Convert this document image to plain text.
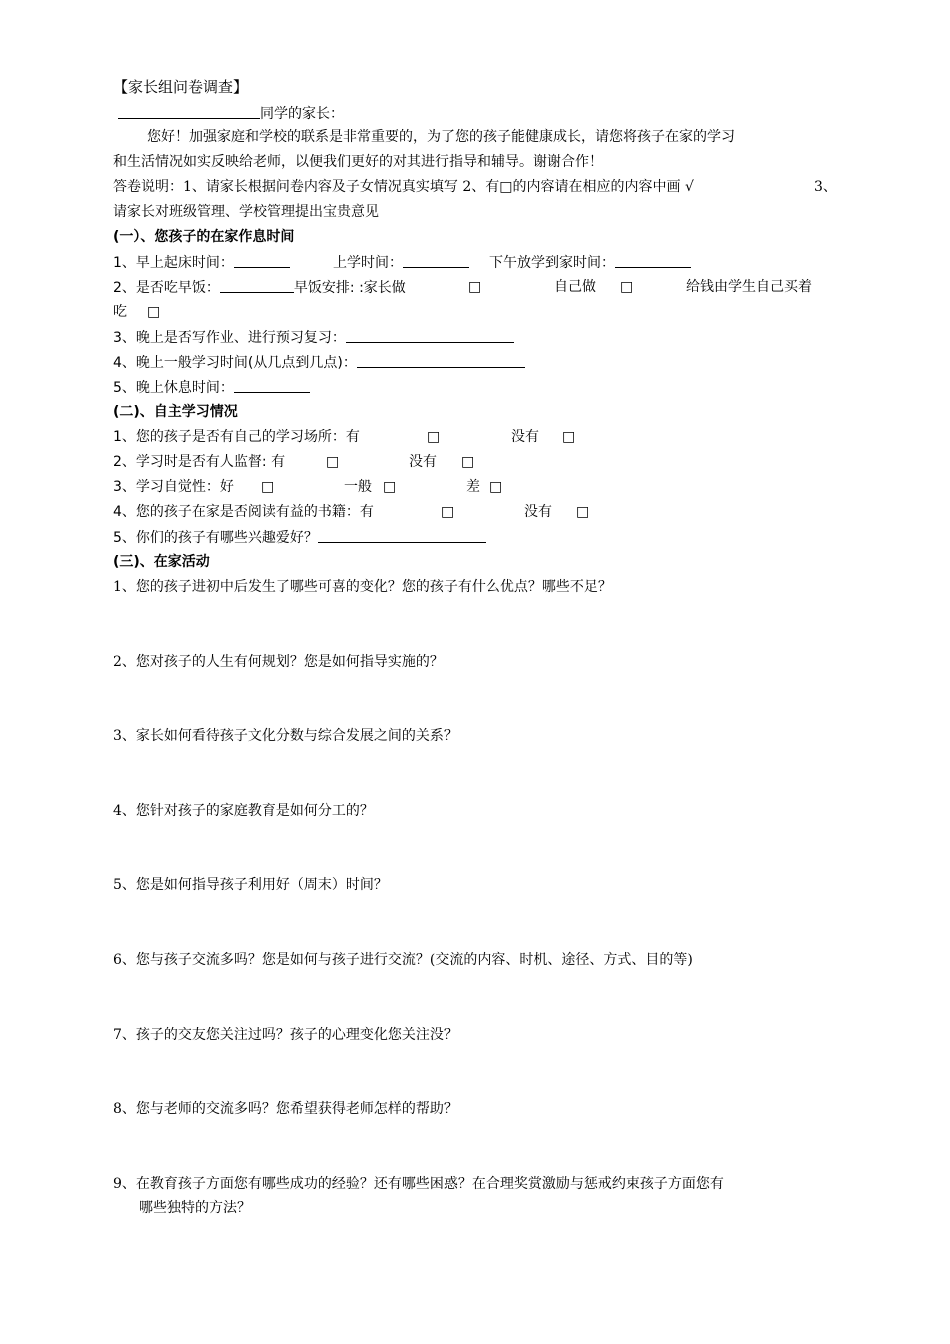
【家长组问卷调查】
同学的家长：
您好！加强家庭和学校的联系是非常重要的，为了您的孩子能健康成长，请您将孩子在家的学习
和生活情况如实反映给老师，以便我们更好的对其进行指导和辅导。谢谢合作！
答卷说明：1、请家长根据问卷内容及子女情况真实填写 2、有□的内容请在相应的内容中画 √	3、
请家长对班级管理、学校管理提出宝贵意见
(一）、您孩子的在家作息时间
1、早上起床时间：	上学时间：	下午放学到家时间：
2、是否吃早饭：	早饭安排: :家长做	□	自己做 □	给钱由学生自己买着
吃 □
3、晚上是否写作业、进行预习复习：
4、晚上一般学习时间(从几点到几点)：
5、晚上休息时间：
(二)、自主学习情况
1、您的孩子是否有自己的学习场所：有	□	没有 □
2、学习时是否有人监督: 有	□	没有 □
3、学习自觉性：好 □	一般 □	差 □
4、您的孩子在家是否阅读有益的书籍：有	□	没有 □
5、你们的孩子有哪些兴趣爱好？
(三)、在家活动
1、您的孩子进初中后发生了哪些可喜的变化？您的孩子有什么优点？哪些不足？
2、您对孩子的人生有何规划？您是如何指导实施的？
3、家长如何看待孩子文化分数与综合发展之间的关系？
4、您针对孩子的家庭教育是如何分工的？
5、您是如何指导孩子利用好（周末）时间？
6、您与孩子交流多吗？您是如何与孩子进行交流？(交流的内容、时机、途径、方式、目的等)
7、孩子的交友您关注过吗？孩子的心理变化您关注没？
8、您与老师的交流多吗？您希望获得老师怎样的帮助？
9、在教育孩子方面您有哪些成功的经验？还有哪些困惑？在合理奖赏激励与惩戒约束孩子方面您有
哪些独特的方法？
